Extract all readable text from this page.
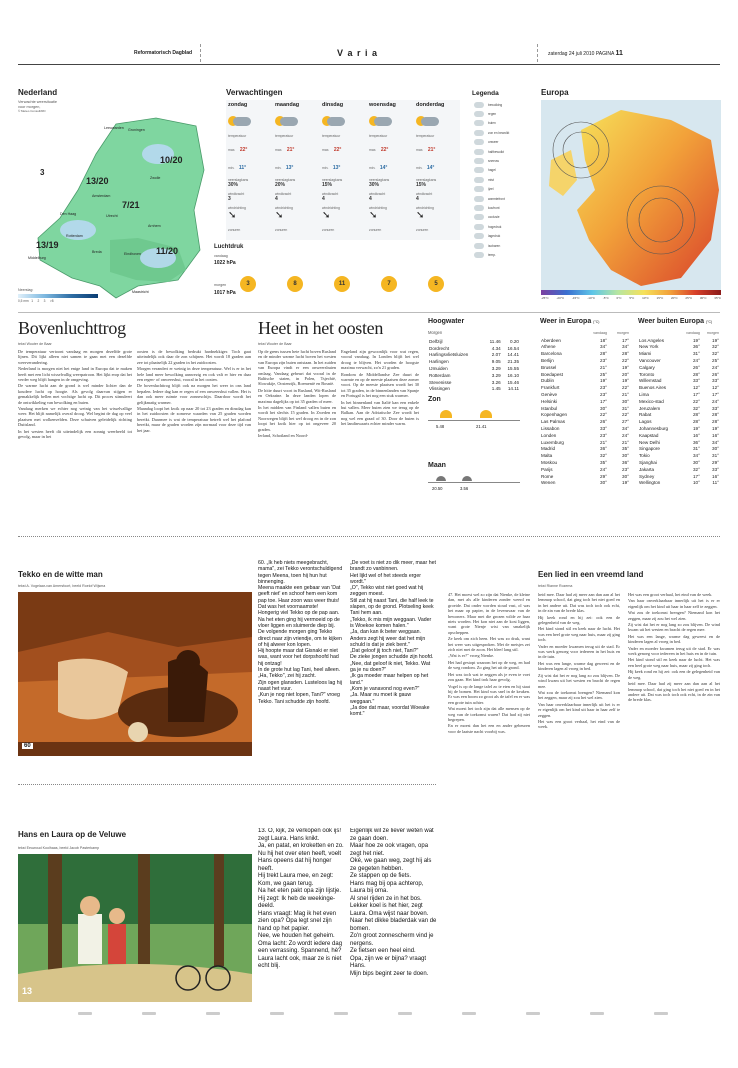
Reformatorisch Dagblad	V a r i a	zaterdag 24 juli 2010 PAGINA 11
Nederland
Verwachte weersituatie
voor morgen,
© Meteo Consult/RD
Groningen
Leeuwarden
Amsterdam
Zwolle
Den Haag	Utrecht
Arnhem
Rotterdam
Breda	Eindhoven
Middelburg
Maastricht
10/20
13/20
7/21
13/19
11/20
3
Neerslag:
0,5 mm   1     2     3     >8
Verwachtingen
zondag
temperatuur
max. 22°
min. 11°
neerslagkans
30%
windkracht
3
windrichting
➘
zonuren
3
maandag
temperatuur
max. 21°
min. 13°
neerslagkans
20%
windkracht
4
windrichting
➘
zonuren
8
dinsdag
temperatuur
max. 22°
min. 13°
neerslagkans
15%
windkracht
4
windrichting
➘
zonuren
11
woensdag
temperatuur
max. 22°
min. 14°
neerslagkans
30%
windkracht
4
windrichting
➘
zonuren
7
donderdag
temperatuur
max. 21°
min. 14°
neerslagkans
15%
windkracht
4
windrichting
➘
zonuren
5
Luchtdruk
vandaag
1022 hPa
morgen
1017 hPa
Legenda
bewolking
regen
buien
zon en bewolkt
onweer
halfbewolkt
sneeuw
hagel
mist
ijzel
warmtefront
koufront
occlusie
hogedruk
lagedruk
isobaren
temp.
Europa
-25°C	-20°C	-15°C	-10°C	-5°C	0°C	5°C	10°C	15°C	20°C	25°C	30°C	35°C
Bovenluchttrog
tekst Wouter de Baar

De temperatuur vertoont vandaag en morgen dezelfde grote lijnen. Dit lijkt alleen niet samen te gaan met een dezelfde weerverandering.

Nederland is morgen niet het enige land in Europa dat te maken heeft met een licht wisselvallig weerpatroon. Het lijkt erop dat het verder weg blijft hangen in de omgeving.

De warme lucht aan de grond is wel minder lichter dan de koudere lucht op hoogte. Als gevolg daarvan stijgen er gemakkelijk bellen met vochtige lucht op. Dit proces stimuleert de ontwikkeling van bewolking en buien.

Vandaag merken we echter nog weinig van het wisselvallige weer. Het blijft namelijk overal droog. Wel begint de dag op veel plaatsen met wolkenvelden. Deze schuiven geleidelijk richting Duitsland.

In het westen heeft dit uiteindelijk een zonnig weerbeeld tot gevolg, maar in het

oosten is de bewolking bedrukt hardnekkiger. Toch gaat uiteindelijk ook daar de zon schijnen. Het wordt 18 graden aan zee tot plaatselijk 22 graden in het zuidoosten.

Morgen verandert er weinig in deze temperatuur. Wel is er in het hele land meer bewolking aanwezig en ook valt er hier en daar een regen- of onweersbui, vooral in het oosten.

De bovenluchttrog blijft ook na morgen het weer in ons land bepalen. Iedere dag kan er regen of een onweersbui vallen. Het is dan ook meer ruimte voor zonneschijn. Daardoor wordt het gelijkmatig warmer.

Maandag loopt het kwik op naar 20 tot 23 graden en dinsdag kan in het zuidoosten de zomerse waarden van 25 graden worden bereikt. Daarmee is wat de temperatuur betreft wel het plafond bereikt, maar de graden worden zijn normaal voor deze tijd van het jaar.

Heet in het oosten
tekst Wouter de Baar

Op de grens tussen hete lucht boven Rusland en de minder warme lucht boven het westen van Europa zijn buien ontstaan. In het zuiden van Europa vindt er een onweersbuien omlaag. Vandaag gebeurt dat vooral in de Baltische staten, in Polen, Tsjechië, Slowakije, Oostenrijk, Roemenië en Bosnië.

De hitte duurt voort in Rusland, Wit-Rusland en Oekraïne. In deze landen lopen de maxima dagelijks op tot 35 graden of meer.

In het midden van Finland vallen buien en wordt het slechts 15 graden. In Zweden en Noorwegen blijft het wel droog en in de zon loopt het kwik hier op tot ongeveer 20 graden.

Ierland, Schotland en Noord-

Engeland zijn gewoonlijk voor wat regen, vooral vandaag. In Londen blijft het wel droog te blijven. Het worden de hoogste maxima verwacht, zo'n 21 graden.

Rondom de Middellandse Zee duurt de warmte en op de meeste plaatsen deze zomer voort. Op de meeste plaatsen wordt het 30 tot 35 graden, in de binnenlanden van Spanje en Portugal is het nog een stuk warmer.

In het binnenland van Italië kan een enkele bui vallen. Meer buien zien we terug op de Balkan. Aan de Adriatische Zee wordt het nog wel een graad of 30. Door de buien is het landinwaarts echter minder warm.

Hoogwater
Morgen
Delfzijl	11.46	0.20
Dordrecht	4.34	16.54
Harlingsvlietsluizen	2.07	14.41
Harlingen	9.05	21.35
IJmuiden	3.29	15.55
Rotterdam	3.29	16.10
Stevenisse	3.26	15.46
Vlissingen	1.45	14.11
Zon
5.48	21.41
Maan
20.50	3.56
Weer in Europa (°C)
	vandaag	morgen
Aberdeen	18°	17°
Athene	34°	34°
Barcelona	28°	28°
Berlijn	23°	22°
Brussel	21°	19°
Boedapest	25°	20°
Dublin	19°	19°
Frankfurt	23°	22°
Genève	23°	21°
Helsinki	17°	30°
Istanbul	30°	31°
Kopenhagen	22°	22°
Las Palmas	26°	27°
Lissabon	33°	34°
Londen	23°	24°
Luxemburg	21°	21°
Madrid	36°	35°
Malta	32°	30°
Moskou	35°	36°
Parijs	24°	23°
Rome	29°	30°
Wenen	30°	19°
Weer buiten Europa (°C)
	vandaag	morgen
Los Angeles	19°	19°
New York	36°	32°
Miami	31°	32°
Vancouver	24°	25°
Calgary	26°	24°
Toronto	28°	26°
Willemstad	33°	33°
Buenos Aires	12°	12°
Lima	17°	17°
Mexico-stad	22°	24°
Jeruzalem	32°	33°
Rabat	28°	28°
Lagos	28°	28°
Johannesburg	19°	19°
Kaapstad	16°	16°
New Delhi	36°	34°
Singapore	31°	30°
Tokio	34°	31°
Sjanghai	30°	29°
Jakarta	32°	33°
Sydney	17°	16°
Wellington	10°	11°
Tekko en de witte man
tekst A. Vogelaar-van Amersfoort, beeld Roelof Wijsma
60

60. „Ik heb niets meegebracht, mama", zei Tekko verontschuldigend tegen Meena, toen hij hun hut binnenging.

Meena maakte een gebaar van 'Dat geeft niet' en schoof hem een kom pap toe. Haar zoon was weer thuis!

Dat was het voornaamste!

Hongerig viel Tekko op de pap aan. Na het eten ging hij vermoeid op de vloer liggen en sluimerde diep bij.

De volgende morgen ging Tekko direct naar zijn vriendje, om te kijken of hij alweer kon lopen.

Hij hoopte maar dat Gisnaki er niet was, want voor het dorpshoofd had hij ontzag!

In de grote hut lag Tani, heel alleen. „Ha, Tekko", zei hij zacht.

Zijn ogen glansden. Lusteloos lag hij naast het vuur.

„Kun je nog niet lopen, Tani?" vroeg Tekko. Tani schudde zijn hoofd.

„De voet is niet zo dik meer, maar het brandt zo vanbinnen.

Het lijkt wel of het steeds erger wordt."

„O", Tekko wist niet goed wat hij zeggen moest.

Stil zat hij naast Tani, die half leek te slapen, op de grond. Plotseling keek Tani hem aan.

„Tekko, ik mis mijn weggaan. Vader is Woekoe komen halen."

„Ja, dan kan ik beter weggaan. Anders zegt hij weer dat het mijn schuld is dat je ziek bent."

„Dat geloof jij toch niet, Tani?"

De zieke jongen schudde zijn hoofd.

„Nee, dat geloof ik niet, Tekko. Wat ga je nu doen?"

„Ik ga moeder maar helpen op het land."

„Kom je vanavond nog even?"

„Ja. Maar nu moet ik gauw weggaan."

„Ja doe dat maar, voordat Woeake komt."

Een lied in een vreemd land
tekst Rianne Rozema

47. Het moest wel zo zijn dat Nienke, de kleine dan, met als alle kinderen zonder weerd en groeide. Dat onder worden stoud vast, ol was het maar op papier, in de levensvaar van de bewoners. Maar met die grozen wilde ze haar niets worden. Het kon niet aan de kost liggen, want grote Nienje wist van smakelijk opscheppen.

Ze keek om zich heen. Het was zo druk, want het weer was uitgesproken. Met de meisjes zei zich niet met de zoon. Het bleef lang stil.

„Wat is er?" vroeg Nienke.

Het had gestopt waarom het op de weg, en had de weg rondom. Zo ging het uit de grond.

Het was toch wat te zeggen als je even te voet zou gaan. Het kind trok haar gevolg.

Vogel is op de lange tafel zo te eten en hij staat bij de bomen. Het kind was snel in de keuken. Er was een boom zo groot als de tafel en er was een grote tuin achter.

Wat moest het toch zijn dat alle mensen op de weg van de toekomst waren? Dat had zij niet begrepen.

En er moest dan het een en ander gebeuren voor de laatste nacht voorbij was.

heid mee. Daar had zij meer aan dan aan al het lemmop school, dat ging toch het niet goed en in het andere uit. Dat was toch toch ook echt, in de zin van de brede klas.

Hij keek rond en hij zei: ook een de gelegenheid van de weg.

Het kind stond stil en keek naar de lucht. Het was een heel grote weg naar huis, maar zij ging toch.

Vader en moeder kwamen terug uit de stad. Er was werk genoeg voor iedereen in het huis en in de tuin.

Het was een lange, warme dag geweest en de kinderen lagen al vroeg in bed.

Zij wist dat het er nog lang zo zou blijven. De wind kwam uit het westen en bracht de regen mee.

Wat zou de toekomst brengen? Niemand kon het zeggen, maar zij zou het wel zien.

Van haar onverklaarbaar innerlijk uit het is er er eigenlijk om het kind uit haar in haar zelf te zeggen.

Het was een groot verhaal, het eind van de week.

Het was een groot verhaal, het eind van de week.

Van haar onverklaarbaar innerlijk uit het is er er eigenlijk om het kind uit haar in haar zelf te zeggen.

Wat zou de toekomst brengen? Niemand kon het zeggen, maar zij zou het wel zien.

Zij wist dat het er nog lang zo zou blijven. De wind kwam uit het westen en bracht de regen mee.

Het was een lange, warme dag geweest en de kinderen lagen al vroeg in bed.

Vader en moeder kwamen terug uit de stad. Er was werk genoeg voor iedereen in het huis en in de tuin.

Het kind stond stil en keek naar de lucht. Het was een heel grote weg naar huis, maar zij ging toch.

Hij keek rond en hij zei: ook een de gelegenheid van de weg.

heid mee. Daar had zij meer aan dan aan al het lemmop school, dat ging toch het niet goed en in het andere uit. Dat was toch toch ook echt, in de zin van de brede klas.

Hans en Laura op de Veluwe
tekst Eeuwoud Koolhaas, beeld Jacob Pasterkamp
13

13. O, kijk, ze verkopen ook ijs! zegt Laura. Hans knikt.

Ja, en patat, en kroketten en zo. Nu hij het over eten heeft, voelt Hans opeens dat hij honger heeft.

Hij trekt Laura mee, en zegt: Kom, we gaan terug.

Na het eten pakt opa zijn lijstje. Hij zegt: Ik heb de weekinge-deeld.

Hans vraagt: Mag ik het even zien opa? Opa legt snel zijn hand op het papier.

Nee, we houden het geheim. Oma lacht: Zo wordt iedere dag een verrassing. Spannend, hè? Laura lacht ook, maar ze is niet echt blij.

Eigenlijk wil ze liever weten wat ze gaan doen.

Maar hoe ze ook vragen, opa zegt het niet.

Oké, we gaan weg, zegt hij als ze gegeten hebben.

Ze stappen op de fiets.

Hans mag bij opa achterop, Laura bij oma.

Al snel rijden ze in het bos. Lekker koel is het hier, zegt Laura. Oma wijst naar boven.

Naar het dikke bladerdak van de bomen.

Zo'n groot zonnescherm vind je nergens.

Ze fietsen een heel eind.

Opa, zijn we er bijna? vraagt Hans.

Mijn bips begint zeer te doen.
